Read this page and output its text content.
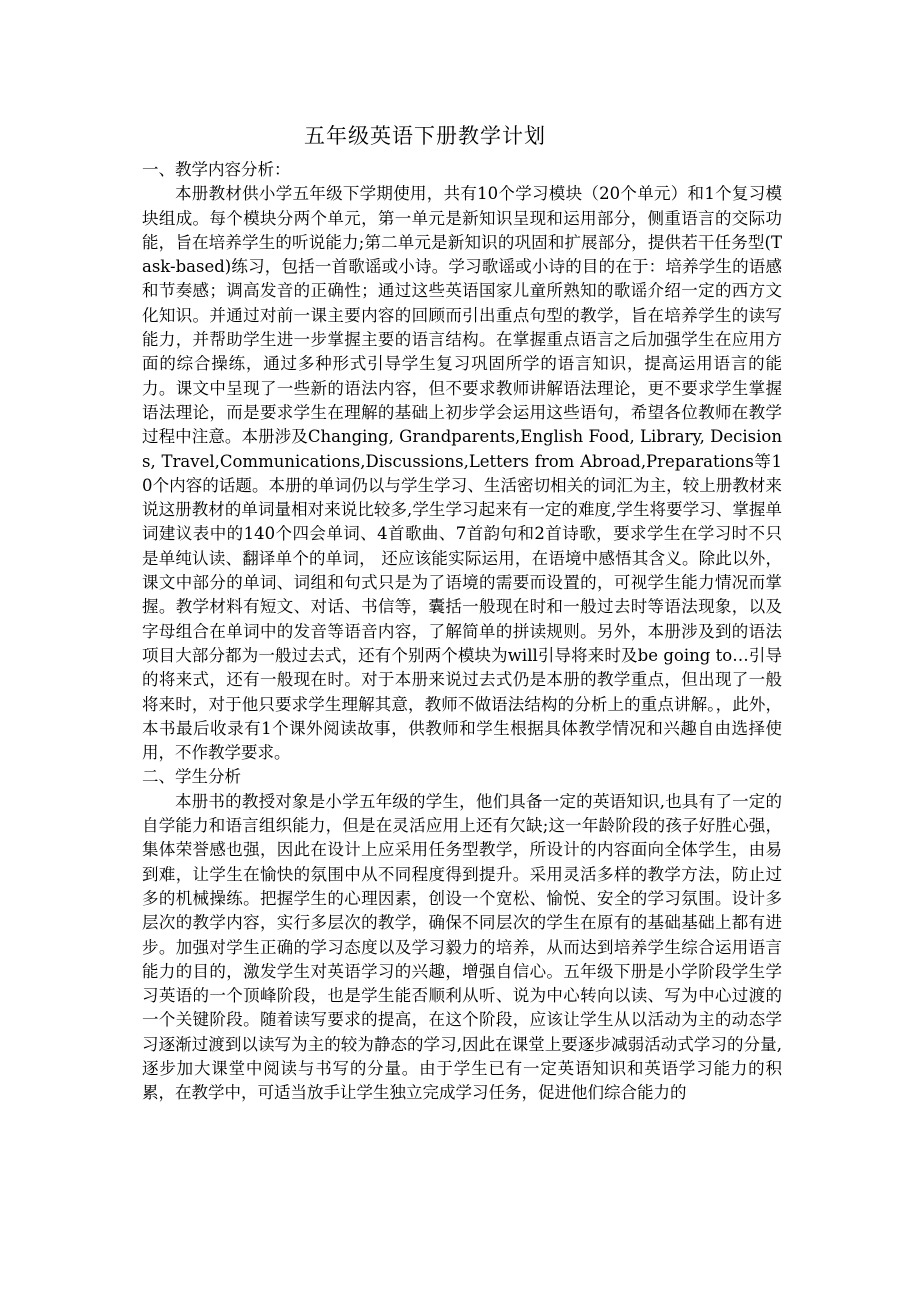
五年级英语下册教学计划

一、教学内容分析：

本册教材供小学五年级下学期使用，共有10个学习模块（20个单元）和1个复习模块组成。每个模块分两个单元，第一单元是新知识呈现和运用部分，侧重语言的交际功能，旨在培养学生的听说能力;第二单元是新知识的巩固和扩展部分，提供若干任务型(Task-based)练习，包括一首歌谣或小诗。学习歌谣或小诗的目的在于：培养学生的语感和节奏感；调高发音的正确性；通过这些英语国家儿童所熟知的歌谣介绍一定的西方文化知识。并通过对前一课主要内容的回顾而引出重点句型的教学，旨在培养学生的读写能力，并帮助学生进一步掌握主要的语言结构。在掌握重点语言之后加强学生在应用方面的综合操练，通过多种形式引导学生复习巩固所学的语言知识，提高运用语言的能力。课文中呈现了一些新的语法内容，但不要求教师讲解语法理论，更不要求学生掌握语法理论，而是要求学生在理解的基础上初步学会运用这些语句，希望各位教师在教学过程中注意。本册涉及Changing, Grandparents,English Food, Library, Decisions, Travel,Communications,Discussions,Letters from Abroad,Preparations等10个内容的话题。本册的单词仍以与学生学习、生活密切相关的词汇为主，较上册教材来说这册教材的单词量相对来说比较多,学生学习起来有一定的难度,学生将要学习、掌握单词建议表中的140个四会单词、4首歌曲、7首韵句和2首诗歌，要求学生在学习时不只是单纯认读、翻译单个的单词， 还应该能实际运用，在语境中感悟其含义。除此以外，课文中部分的单词、词组和句式只是为了语境的需要而设置的，可视学生能力情况而掌握。教学材料有短文、对话、书信等，囊括一般现在时和一般过去时等语法现象，以及字母组合在单词中的发音等语音内容，了解简单的拼读规则。另外，本册涉及到的语法项目大部分都为一般过去式，还有个别两个模块为will引导将来时及be going to…引导的将来式，还有一般现在时。对于本册来说过去式仍是本册的教学重点，但出现了一般将来时，对于他只要求学生理解其意，教师不做语法结构的分析上的重点讲解。，此外，本书最后收录有1个课外阅读故事，供教师和学生根据具体教学情况和兴趣自由选择使用，不作教学要求。

二、学生分析

本册书的教授对象是小学五年级的学生，他们具备一定的英语知识,也具有了一定的自学能力和语言组织能力，但是在灵活应用上还有欠缺;这一年龄阶段的孩子好胜心强，集体荣誉感也强，因此在设计上应采用任务型教学，所设计的内容面向全体学生，由易到难，让学生在愉快的氛围中从不同程度得到提升。采用灵活多样的教学方法，防止过多的机械操练。把握学生的心理因素，创设一个宽松、愉悦、安全的学习氛围。设计多层次的教学内容，实行多层次的教学，确保不同层次的学生在原有的基础基础上都有进步。加强对学生正确的学习态度以及学习毅力的培养，从而达到培养学生综合运用语言能力的目的，激发学生对英语学习的兴趣，增强自信心。五年级下册是小学阶段学生学习英语的一个顶峰阶段，也是学生能否顺利从听、说为中心转向以读、写为中心过渡的一个关键阶段。随着读写要求的提高，在这个阶段，应该让学生从以活动为主的动态学习逐渐过渡到以读写为主的较为静态的学习,因此在课堂上要逐步减弱活动式学习的分量,逐步加大课堂中阅读与书写的分量。由于学生已有一定英语知识和英语学习能力的积累，在教学中，可适当放手让学生独立完成学习任务，促进他们综合能力的
